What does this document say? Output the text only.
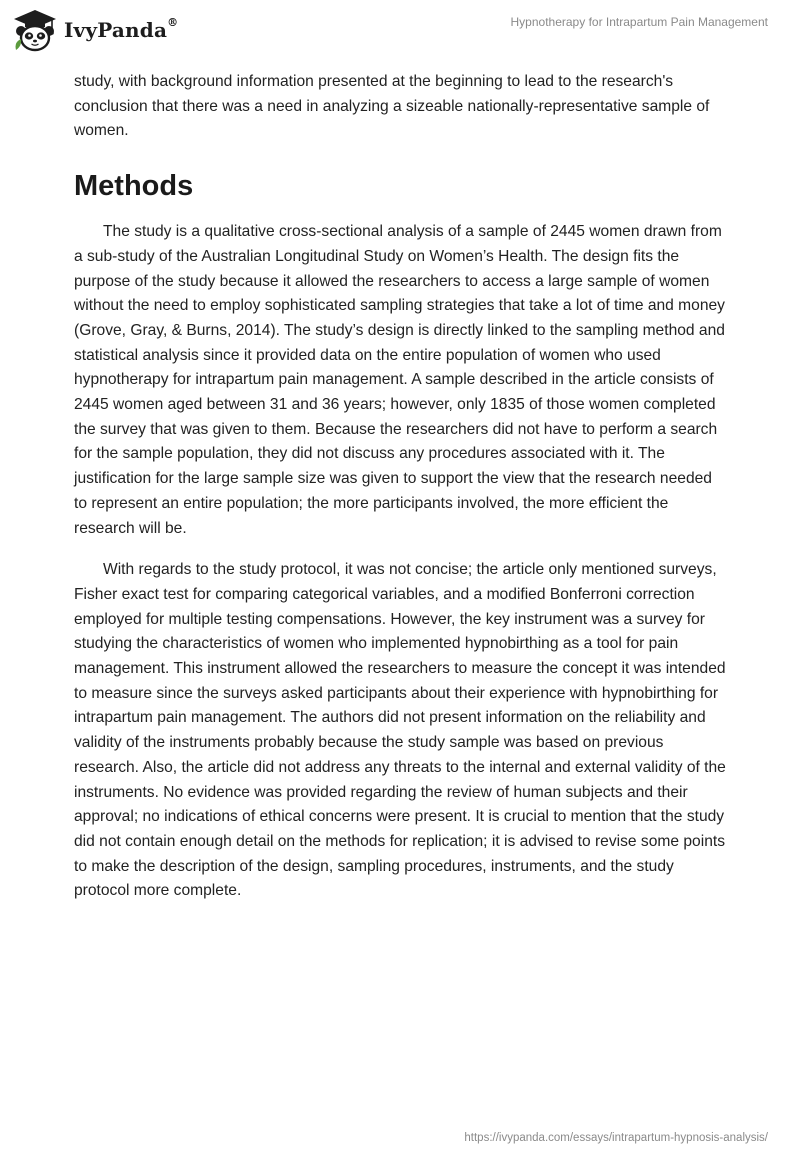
IvyPanda®	Hypnotherapy for Intrapartum Pain Management

study, with background information presented at the beginning to lead to the research's conclusion that there was a need in analyzing a sizeable nationally-representative sample of women.

Methods

The study is a qualitative cross-sectional analysis of a sample of 2445 women drawn from a sub-study of the Australian Longitudinal Study on Women’s Health. The design fits the purpose of the study because it allowed the researchers to access a large sample of women without the need to employ sophisticated sampling strategies that take a lot of time and money (Grove, Gray, & Burns, 2014). The study’s design is directly linked to the sampling method and statistical analysis since it provided data on the entire population of women who used hypnotherapy for intrapartum pain management. A sample described in the article consists of 2445 women aged between 31 and 36 years; however, only 1835 of those women completed the survey that was given to them. Because the researchers did not have to perform a search for the sample population, they did not discuss any procedures associated with it. The justification for the large sample size was given to support the view that the research needed to represent an entire population; the more participants involved, the more efficient the research will be.

With regards to the study protocol, it was not concise; the article only mentioned surveys, Fisher exact test for comparing categorical variables, and a modified Bonferroni correction employed for multiple testing compensations. However, the key instrument was a survey for studying the characteristics of women who implemented hypnobirthing as a tool for pain management. This instrument allowed the researchers to measure the concept it was intended to measure since the surveys asked participants about their experience with hypnobirthing for intrapartum pain management. The authors did not present information on the reliability and validity of the instruments probably because the study sample was based on previous research. Also, the article did not address any threats to the internal and external validity of the instruments. No evidence was provided regarding the review of human subjects and their approval; no indications of ethical concerns were present. It is crucial to mention that the study did not contain enough detail on the methods for replication; it is advised to revise some points to make the description of the design, sampling procedures, instruments, and the study protocol more complete.

https://ivypanda.com/essays/intrapartum-hypnosis-analysis/
